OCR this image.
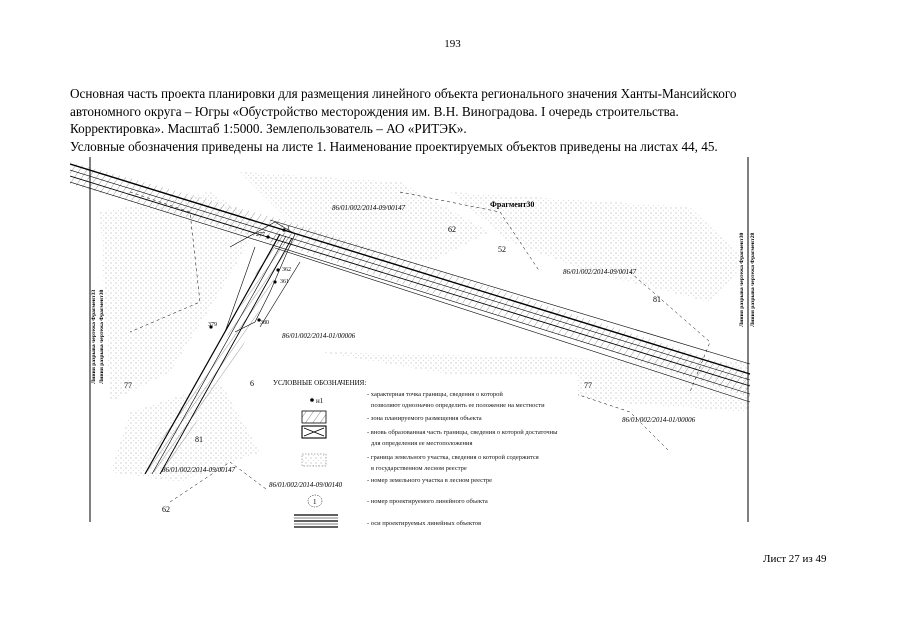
193
Основная часть проекта планировки для размещения линейного объекта регионального значения Ханты-Мансийского
автономного округа – Югры «Обустройство месторождения им. В.Н. Виноградова. I очередь строительства.
Корректировка». Масштаб 1:5000. Землепользователь – АО «РИТЭК».
Условные обозначения приведены на листе 1. Наименование проектируемых объектов приведены на листах 44, 45.
Фрагмент30
86/01/002/2014-09/00147
86/01/002/2014-09/00147
86/01/002/2014-01/00006
86/01/002/2014-01/00006
86/01/002/2014-09/00147
62
52
81
77	6	77
81
62
277
1
362
361
379	380
Линия разрыва чертежа Фрагмент33 Линия разрыва чертежа Фрагмент30
Линия разрыва чертежа Фрагмент30 Линия разрыва чертежа Фрагмент28
УСЛОВНЫЕ ОБОЗНАЧЕНИЯ:
н1
- характерная точка границы, сведения о которой
позволяют однозначно определить ее положение на местности
- зона планируемого размещения объекта
- вновь образованная часть границы, сведения о которой достаточны
для определения ее местоположения
- граница земельного участка, сведения о которой содержится
в государственном лесном реестре
86/01/002/2014-09/00140
- номер земельного участка в лесном реестре
1	- номер проектируемого линейного объекта
- оси проектируемых линейных объектов
Лист 27 из 49
